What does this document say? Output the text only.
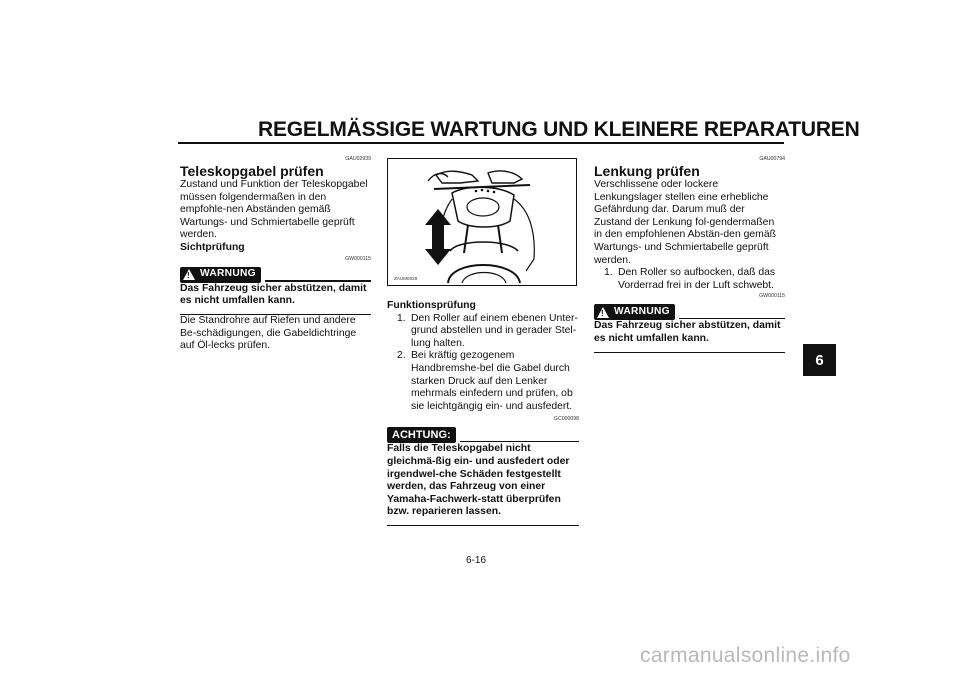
REGELMÄSSIGE WARTUNG UND KLEINERE REPARATUREN
6
GAU02939
Teleskopgabel prüfen

Zustand und Funktion der Teleskopgabel müssen folgendermaßen in den empfohle-nen Abständen gemäß Wartungs- und Schmiertabelle geprüft werden.

Sichtprüfung

GW000115
! WARNUNG

Das Fahrzeug sicher abstützen, damit es nicht umfallen kann.

Die Standrohre auf Riefen und andere Be-schädigungen, die Gabeldichtringe auf Öl-lecks prüfen.

ZAUM0029

Funktionsprüfung

1. Den Roller auf einem ebenen Unter-grund abstellen und in gerader Stel-lung halten.
2. Bei kräftig gezogenem Handbremshe-bel die Gabel durch starken Druck auf den Lenker mehrmals einfedern und prüfen, ob sie leichtgängig ein- und ausfedert.
GC000098
ACHTUNG:

Falls die Teleskopgabel nicht gleichmä-ßig ein- und ausfedert oder irgendwel-che Schäden festgestellt werden, das Fahrzeug von einer Yamaha-Fachwerk-statt überprüfen bzw. reparieren lassen.

GAU00794
Lenkung prüfen

Verschlissene oder lockere Lenkungslager stellen eine erhebliche Gefährdung dar. Darum muß der Zustand der Lenkung fol-gendermaßen in den empfohlenen Abstän-den gemäß Wartungs- und Schmiertabelle geprüft werden.

1. Den Roller so aufbocken, daß das Vorderrad frei in der Luft schwebt.
GW000115
! WARNUNG

Das Fahrzeug sicher abstützen, damit es nicht umfallen kann.

6-16
carmanualsonline.info
